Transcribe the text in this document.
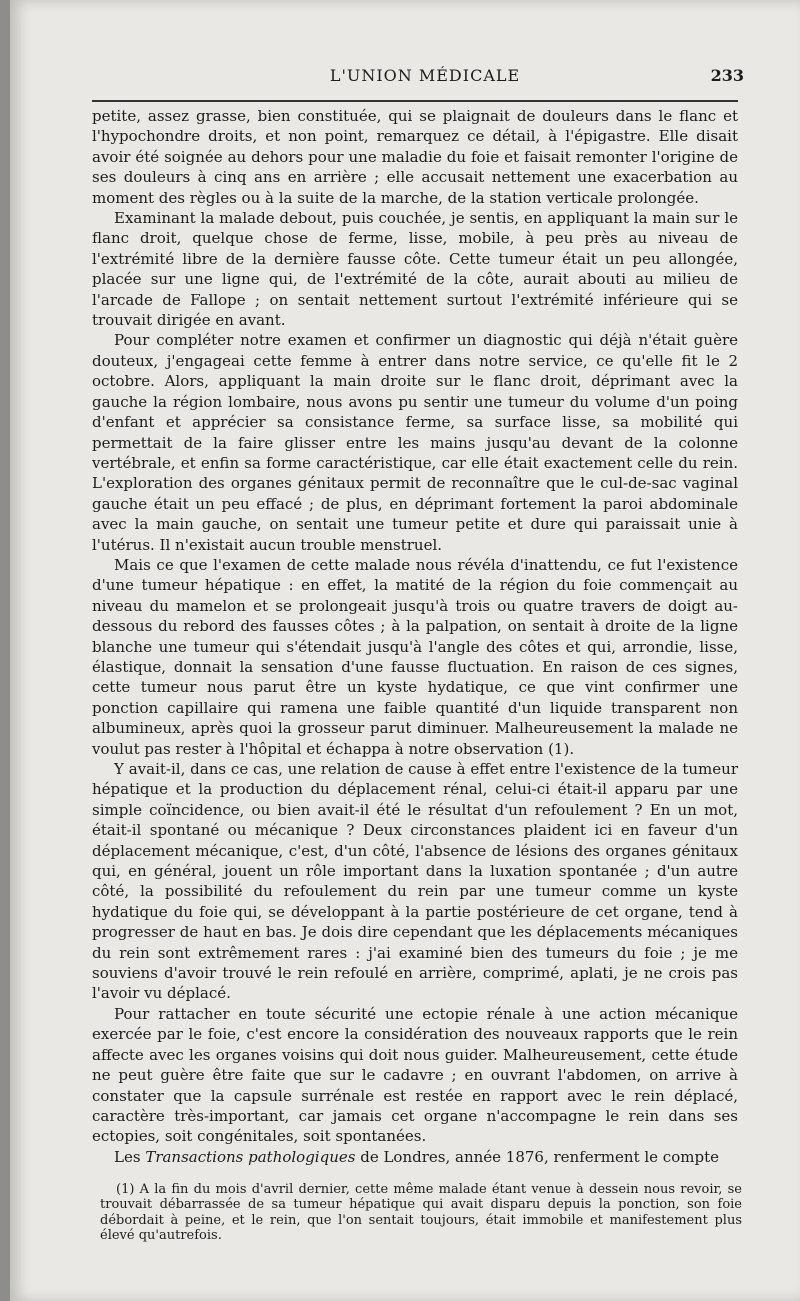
L'UNION MÉDICALE	233

petite, assez grasse, bien constituée, qui se plaignait de douleurs dans le flanc et l'hypochondre droits, et non point, remarquez ce détail, à l'épigastre. Elle disait avoir été soignée au dehors pour une maladie du foie et faisait remonter l'origine de ses douleurs à cinq ans en arrière ; elle accusait nettement une exacerbation au moment des règles ou à la suite de la marche, de la station verticale prolongée.

Examinant la malade debout, puis couchée, je sentis, en appliquant la main sur le flanc droit, quelque chose de ferme, lisse, mobile, à peu près au niveau de l'extrémité libre de la dernière fausse côte. Cette tumeur était un peu allongée, placée sur une ligne qui, de l'extrémité de la côte, aurait abouti au milieu de l'arcade de Fallope ; on sentait nettement surtout l'extrémité inférieure qui se trouvait dirigée en avant.

Pour compléter notre examen et confirmer un diagnostic qui déjà n'était guère douteux, j'engageai cette femme à entrer dans notre service, ce qu'elle fit le 2 octobre. Alors, appliquant la main droite sur le flanc droit, déprimant avec la gauche la région lombaire, nous avons pu sentir une tumeur du volume d'un poing d'enfant et apprécier sa consistance ferme, sa surface lisse, sa mobilité qui permettait de la faire glisser entre les mains jusqu'au devant de la colonne vertébrale, et enfin sa forme caractéristique, car elle était exactement celle du rein. L'exploration des organes génitaux permit de reconnaître que le cul-de-sac vaginal gauche était un peu effacé ; de plus, en déprimant fortement la paroi abdominale avec la main gauche, on sentait une tumeur petite et dure qui paraissait unie à l'utérus. Il n'existait aucun trouble menstruel.

Mais ce que l'examen de cette malade nous révéla d'inattendu, ce fut l'existence d'une tumeur hépatique : en effet, la matité de la région du foie commençait au niveau du mamelon et se prolongeait jusqu'à trois ou quatre travers de doigt au-dessous du rebord des fausses côtes ; à la palpation, on sentait à droite de la ligne blanche une tumeur qui s'étendait jusqu'à l'angle des côtes et qui, arrondie, lisse, élastique, donnait la sensation d'une fausse fluctuation. En raison de ces signes, cette tumeur nous parut être un kyste hydatique, ce que vint confirmer une ponction capillaire qui ramena une faible quantité d'un liquide transparent non albumineux, après quoi la grosseur parut diminuer. Malheureusement la malade ne voulut pas rester à l'hôpital et échappa à notre observation (1).

Y avait-il, dans ce cas, une relation de cause à effet entre l'existence de la tumeur hépatique et la production du déplacement rénal, celui-ci était-il apparu par une simple coïncidence, ou bien avait-il été le résultat d'un refoulement ? En un mot, était-il spontané ou mécanique ? Deux circonstances plaident ici en faveur d'un déplacement mécanique, c'est, d'un côté, l'absence de lésions des organes génitaux qui, en général, jouent un rôle important dans la luxation spontanée ; d'un autre côté, la possibilité du refoulement du rein par une tumeur comme un kyste hydatique du foie qui, se développant à la partie postérieure de cet organe, tend à progresser de haut en bas. Je dois dire cependant que les déplacements mécaniques du rein sont extrêmement rares : j'ai examiné bien des tumeurs du foie ; je me souviens d'avoir trouvé le rein refoulé en arrière, comprimé, aplati, je ne crois pas l'avoir vu déplacé.

Pour rattacher en toute sécurité une ectopie rénale à une action mécanique exercée par le foie, c'est encore la considération des nouveaux rapports que le rein affecte avec les organes voisins qui doit nous guider. Malheureusement, cette étude ne peut guère être faite que sur le cadavre ; en ouvrant l'abdomen, on arrive à constater que la capsule surrénale est restée en rapport avec le rein déplacé, caractère très-important, car jamais cet organe n'accompagne le rein dans ses ectopies, soit congénitales, soit spontanées.

Les Transactions pathologiques de Londres, année 1876, renferment le compte

(1) A la fin du mois d'avril dernier, cette même malade étant venue à dessein nous revoir, se trouvait débarrassée de sa tumeur hépatique qui avait disparu depuis la ponction, son foie débordait à peine, et le rein, que l'on sentait toujours, était immobile et manifestement plus élevé qu'autrefois.
